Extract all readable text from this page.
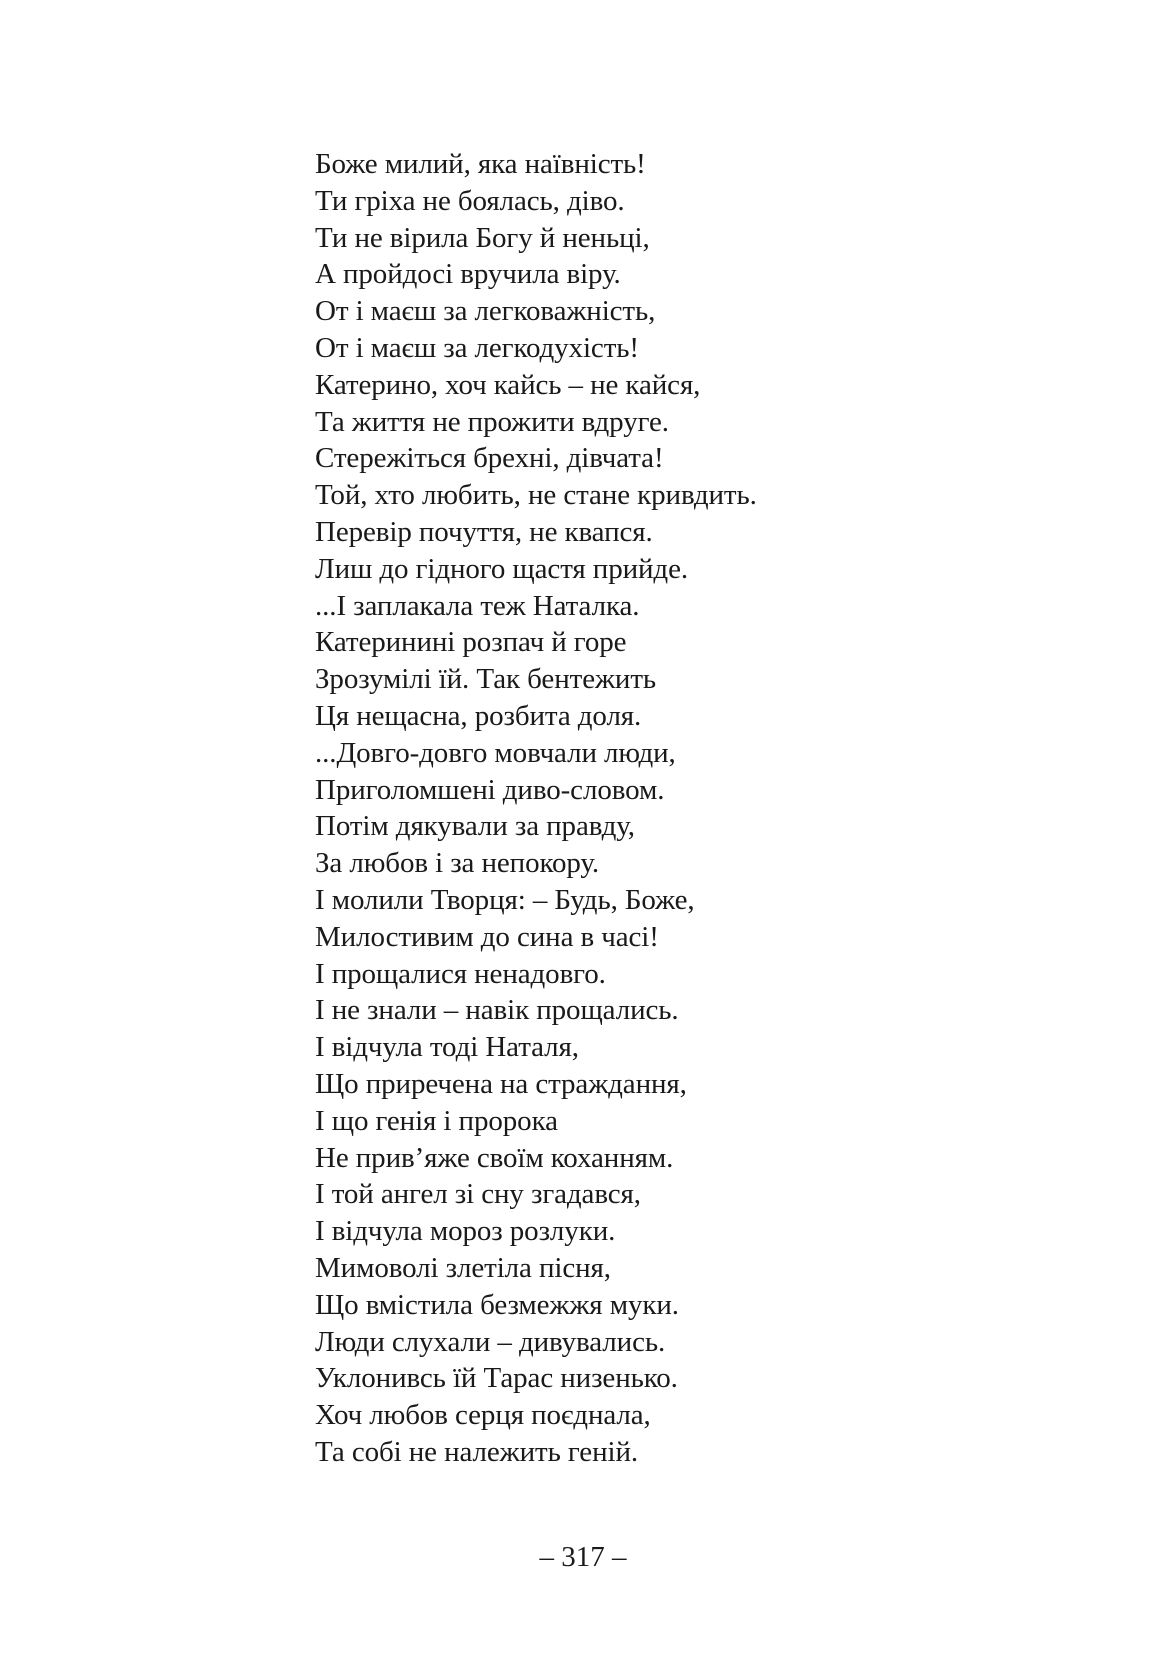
Боже милий, яка наївність!
Ти гріха не боялась, діво.
Ти не вірила Богу й неньці,
А пройдосі вручила віру.
От і маєш за легковажність,
От і маєш за легкодухість!
Катерино, хоч кайсь – не кайся,
Та життя не прожити вдруге.
Стережіться брехні, дівчата!
Той, хто любить, не стане кривдить.
Перевір почуття, не квапся.
Лиш до гідного щастя прийде.
...І заплакала теж Наталка.
Катеринині розпач й горе
Зрозумілі їй. Так бентежить
Ця нещасна, розбита доля.
...Довго-довго мовчали люди,
Приголомшені диво-словом.
Потім дякували за правду,
За любов і за непокору.
І молили Творця: – Будь, Боже,
Милостивим до сина в часі!
І прощалися ненадовго.
І не знали – навік прощались.
І відчула тоді Наталя,
Що приречена на страждання,
І що генія і пророка
Не прив’яже своїм коханням.
І той ангел зі сну згадався,
І відчула мороз розлуки.
Мимоволі злетіла пісня,
Що вмістила безмежжя муки.
Люди слухали – дивувались.
Уклонивсь їй Тарас низенько.
Хоч любов серця поєднала,
Та собі не належить геній.
– 317 –
